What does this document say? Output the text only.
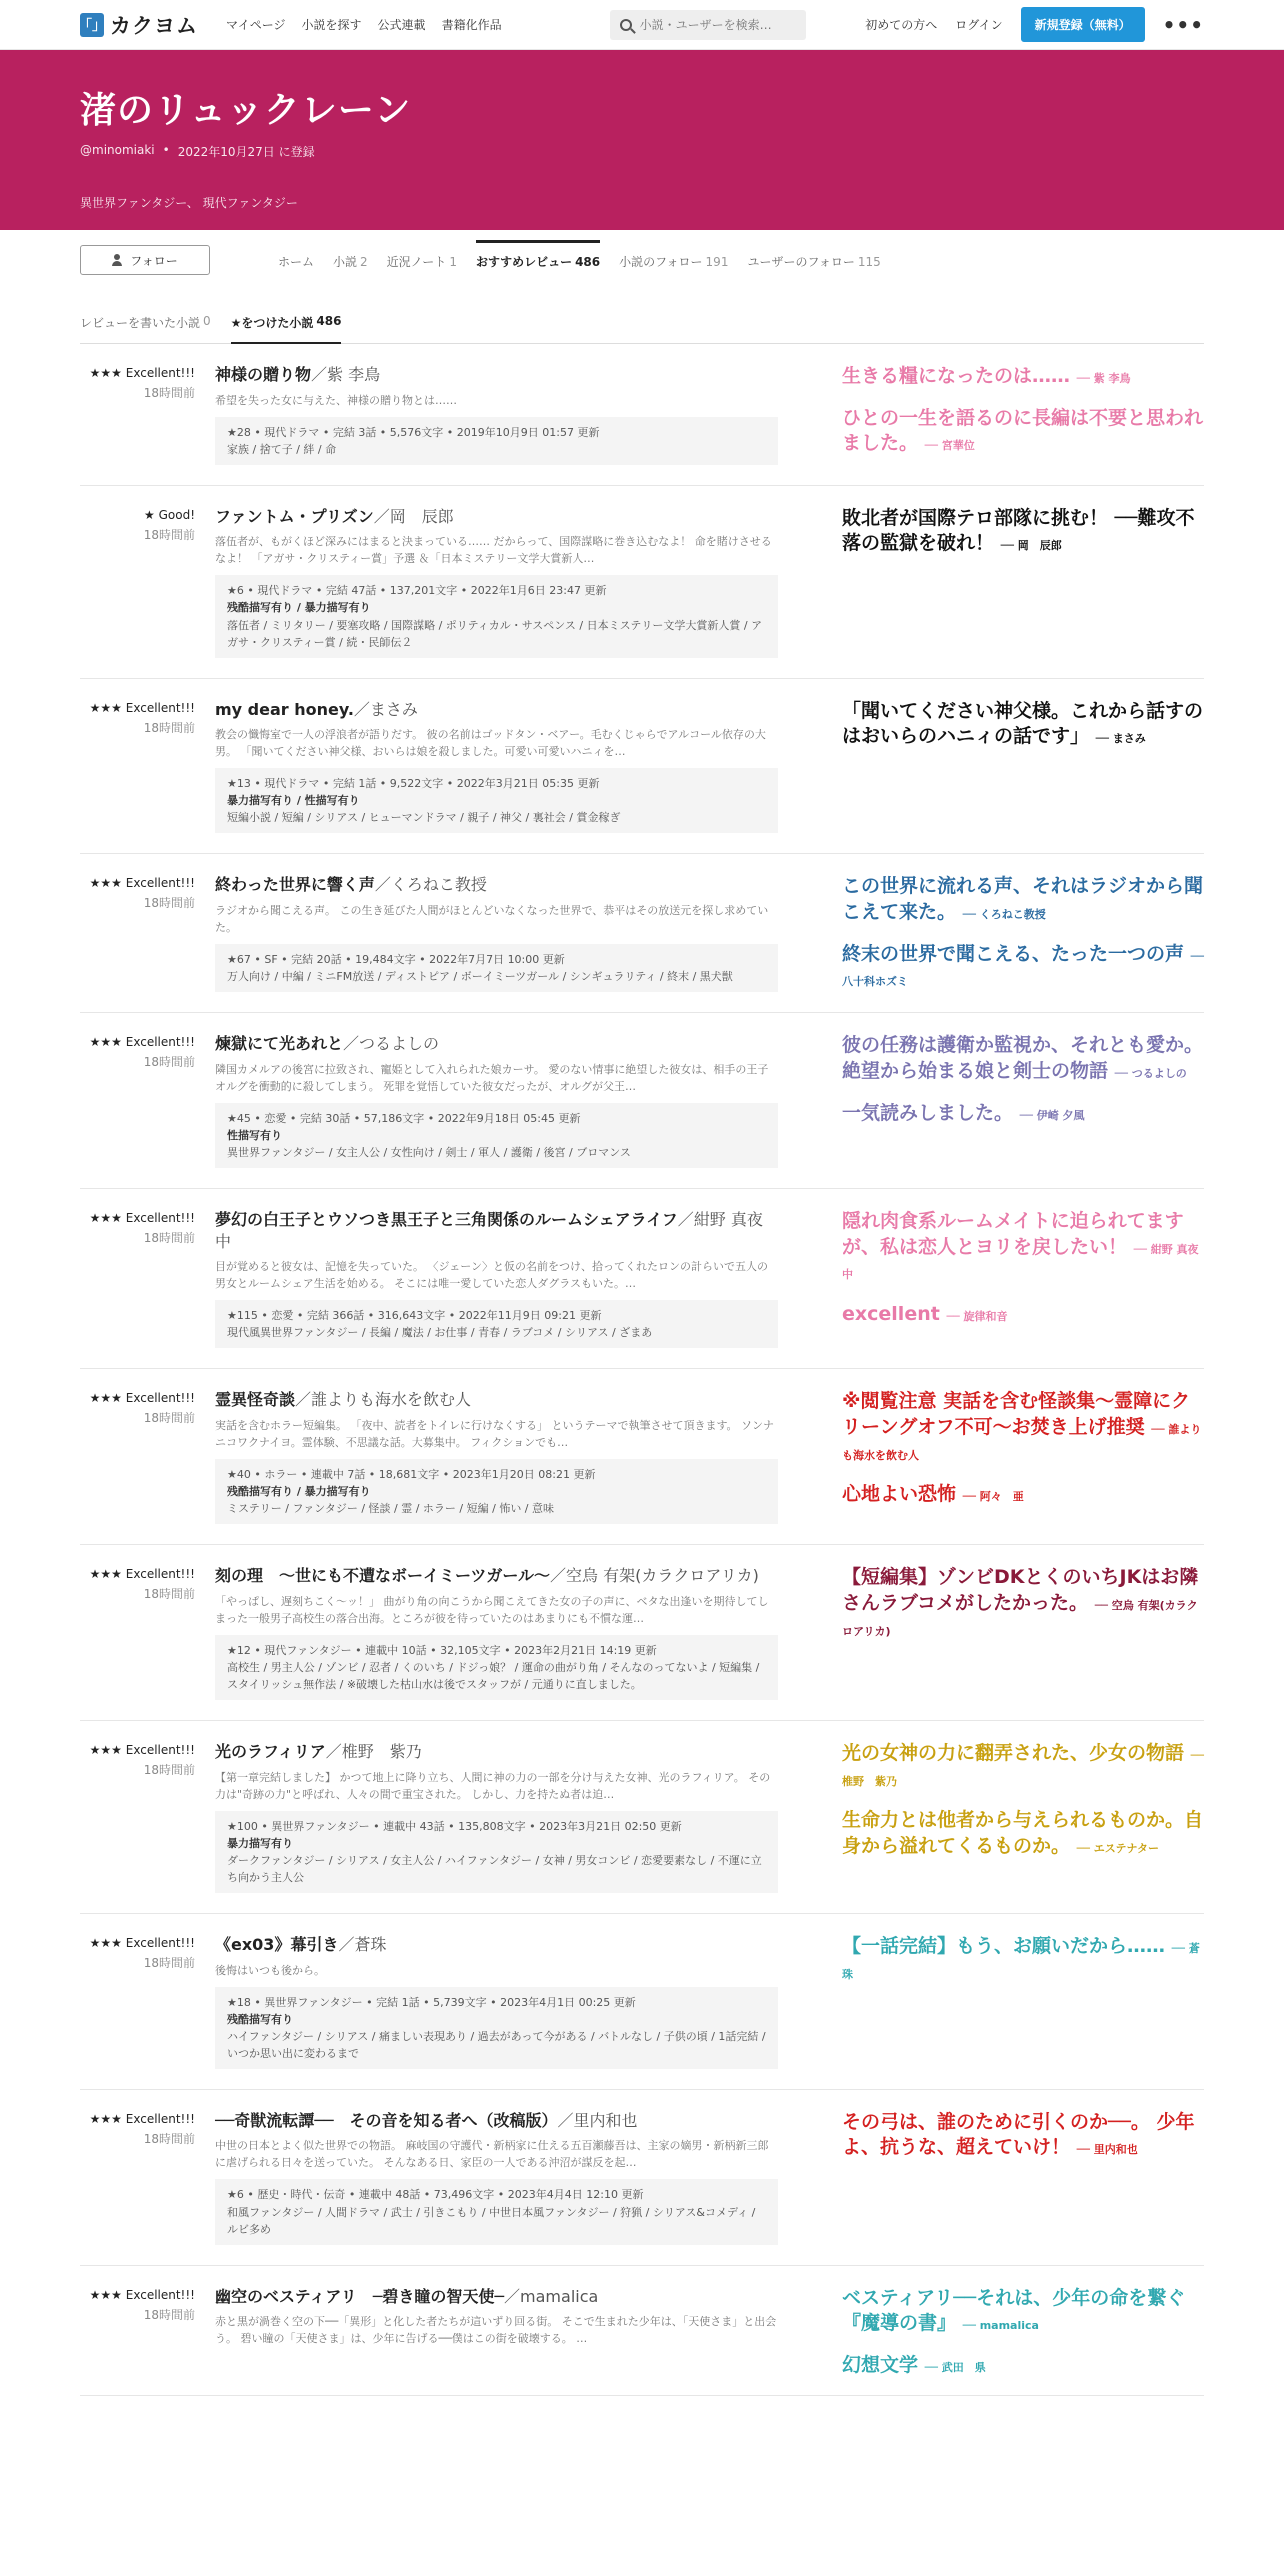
「」 カクヨム マイページ 小説を探す 公式連載 書籍化作品
小説・ユーザーを検索…	初めての方へ ログイン	新規登録（無料）	•••
渚のリュックレーン
@minomiaki • 2022年10月27日 に登録
異世界ファンタジー、 現代ファンタジー
フォロー	ホーム 小説 2 近況ノート 1 おすすめレビュー 486 小説のフォロー 191 ユーザーのフォロー 115
レビューを書いた小説 0 ★をつけた小説 486
★★★ Excellent!!!
18時間前
神様の贈り物／紫 李鳥
希望を失った女に与えた、神様の贈り物とは……
★28 • 現代ドラマ • 完結 3話 • 5,576文字 • 2019年10月9日 01:57 更新
家族 / 捨て子 / 絆 / 命
生きる糧になったのは…… ── 紫 李鳥
ひとの一生を語るのに長編は不要と思われました。 ── 宮華位
★ Good!
18時間前
ファントム・プリズン／岡　辰郎
落伍者が、もがくほど深みにはまると決まっている…… だからって、国際謀略に巻き込むなよ！ 命を賭けさせるなよ！ 「アガサ・クリスティー賞」予選 ＆「日本ミステリー文学大賞新人…
★6 • 現代ドラマ • 完結 47話 • 137,201文字 • 2022年1月6日 23:47 更新
残酷描写有り / 暴力描写有り
落伍者 / ミリタリー / 要塞攻略 / 国際謀略 / ポリティカル・サスペンス / 日本ミステリー文学大賞新人賞 / アガサ・クリスティー賞 / 続・民師伝２
敗北者が国際テロ部隊に挑む！ ──難攻不落の監獄を破れ！ ── 岡　辰郎
★★★ Excellent!!!
18時間前
my dear honey.／まさみ
教会の懺悔室で一人の浮浪者が語りだす。 彼の名前はゴッドタン・ベアー。毛むくじゃらでアルコール依存の大男。 「聞いてください神父様、おいらは娘を殺しました。可愛い可愛いハニィを…
★13 • 現代ドラマ • 完結 1話 • 9,522文字 • 2022年3月21日 05:35 更新
暴力描写有り / 性描写有り
短編小説 / 短編 / シリアス / ヒューマンドラマ / 親子 / 神父 / 裏社会 / 賞金稼ぎ
「聞いてください神父様。これから話すのはおいらのハニィの話です」 ── まさみ
★★★ Excellent!!!
18時間前
終わった世界に響く声／くろねこ教授
ラジオから聞こえる声。 この生き延びた人間がほとんどいなくなった世界で、恭平はその放送元を探し求めていた。
★67 • SF • 完結 20話 • 19,484文字 • 2022年7月7日 10:00 更新
万人向け / 中編 / ミニFM放送 / ディストピア / ボーイミーツガール / シンギュラリティ / 終末 / 黒犬獣
この世界に流れる声、それはラジオから聞こえて来た。 ── くろねこ教授
終末の世界で聞こえる、たった一つの声 ── 八十科ホズミ
★★★ Excellent!!!
18時間前
煉獄にて光あれと／つるよしの
隣国カメルアの後宮に拉致され、寵姫として入れられた娘カーサ。 愛のない情事に絶望した彼女は、相手の王子オルグを衝動的に殺してしまう。 死罪を覚悟していた彼女だったが、オルグが父王…
★45 • 恋愛 • 完結 30話 • 57,186文字 • 2022年9月18日 05:45 更新
性描写有り
異世界ファンタジー / 女主人公 / 女性向け / 剣士 / 軍人 / 護衛 / 後宮 / ブロマンス
彼の任務は護衛か監視か、それとも愛か。絶望から始まる娘と剣士の物語 ── つるよしの
一気読みしました。 ── 伊崎 夕風
★★★ Excellent!!!
18時間前
夢幻の白王子とウソつき黒王子と三角関係のルームシェアライフ／紺野 真夜中
目が覚めると彼女は、記憶を失っていた。 〈ジェーン〉と仮の名前をつけ、拾ってくれたロンの計らいで五人の男女とルームシェア生活を始める。 そこには唯一愛していた恋人ダグラスもいた。…
★115 • 恋愛 • 完結 366話 • 316,643文字 • 2022年11月9日 09:21 更新
現代風異世界ファンタジー / 長編 / 魔法 / お仕事 / 青春 / ラブコメ / シリアス / ざまあ
隠れ肉食系ルームメイトに迫られてますが、私は恋人とヨリを戻したい！ ── 紺野 真夜中
excellent ── 旋律和音
★★★ Excellent!!!
18時間前
霊異怪奇談／誰よりも海水を飲む人
実話を含むホラー短編集。 「夜中、読者をトイレに行けなくする」 というテーマで執筆させて頂きます。 ソンナニコワクナイヨ。霊体験、不思議な話。大募集中。 フィクションでも…
★40 • ホラー • 連載中 7話 • 18,681文字 • 2023年1月20日 08:21 更新
残酷描写有り / 暴力描写有り
ミステリー / ファンタジー / 怪談 / 霊 / ホラー / 短編 / 怖い / 意味
※閲覧注意 実話を含む怪談集～霊障にクリーングオフ不可～お焚き上げ推奨 ── 誰よりも海水を飲む人
心地よい恐怖 ── 阿々　亜
★★★ Excellent!!!
18時間前
刻の理　～世にも不遭なボーイミーツガール～／空烏 有架(カラクロアリカ)
「やっぱし、遅刻ちこく～ッ！」 曲がり角の向こうから聞こえてきた女の子の声に、ベタな出逢いを期待してしまった一般男子高校生の落合出海。ところが彼を待っていたのはあまりにも不慣な運…
★12 • 現代ファンタジー • 連載中 10話 • 32,105文字 • 2023年2月21日 14:19 更新
高校生 / 男主人公 / ゾンビ / 忍者 / くのいち / ドジっ娘？ / 運命の曲がり角 / そんなのってないよ / 短編集 / スタイリッシュ無作法 / ※破壊した枯山水は後でスタッフが / 元通りに直しました。
【短編集】ゾンビDKとくのいちJKはお隣さんラブコメがしたかった。 ── 空烏 有架(カラクロアリカ)
★★★ Excellent!!!
18時間前
光のラフィリア／椎野　紫乃
【第一章完結しました】 かつて地上に降り立ち、人間に神の力の一部を分け与えた女神、光のラフィリア。 その力は"奇跡の力"と呼ばれ、人々の間で重宝された。 しかし、力を持たぬ者は迫…
★100 • 異世界ファンタジー • 連載中 43話 • 135,808文字 • 2023年3月21日 02:50 更新
暴力描写有り
ダークファンタジー / シリアス / 女主人公 / ハイファンタジー / 女神 / 男女コンビ / 恋愛要素なし / 不運に立ち向かう主人公
光の女神の力に翻弄された、少女の物語 ── 椎野　紫乃
生命力とは他者から与えられるものか。自身から溢れてくるものか。 ── エステナター
★★★ Excellent!!!
18時間前
《ex03》幕引き／蒼珠
後悔はいつも後から。
★18 • 異世界ファンタジー • 完結 1話 • 5,739文字 • 2023年4月1日 00:25 更新
残酷描写有り
ハイファンタジー / シリアス / 痛ましい表現あり / 過去があって今がある / バトルなし / 子供の頃 / 1話完結 / いつか思い出に変わるまで
【一話完結】もう、お願いだから…… ── 蒼珠
★★★ Excellent!!!
18時間前
──奇獣流転譚──　その音を知る者へ（改稿版）／里内和也
中世の日本とよく似た世界での物語。 麻岐国の守護代・新柄家に仕える五百瀬藤吾は、主家の嫡男・新柄新三郎に虐げられる日々を送っていた。 そんなある日、家臣の一人である沖沼が謀反を起…
★6 • 歴史・時代・伝奇 • 連載中 48話 • 73,496文字 • 2023年4月4日 12:10 更新
和風ファンタジー / 人間ドラマ / 武士 / 引きこもり / 中世日本風ファンタジー / 狩猟 / シリアス&コメディ / ルビ多め
その弓は、誰のために引くのか──。 少年よ、抗うな、超えていけ！ ── 里内和也
★★★ Excellent!!!
18時間前
幽空のベスティアリ　─碧き瞳の智天使─／mamalica
赤と黒が渦巻く空の下──「異形」と化した者たちが這いずり回る街。 そこで生まれた少年は、「天使さま」と出会う。 碧い瞳の「天使さま」は、少年に告げる──僕はこの街を破壊する。 …
ベスティアリ──それは、少年の命を繋ぐ『魔導の書』 ── mamalica
幻想文学 ── 武田　県
